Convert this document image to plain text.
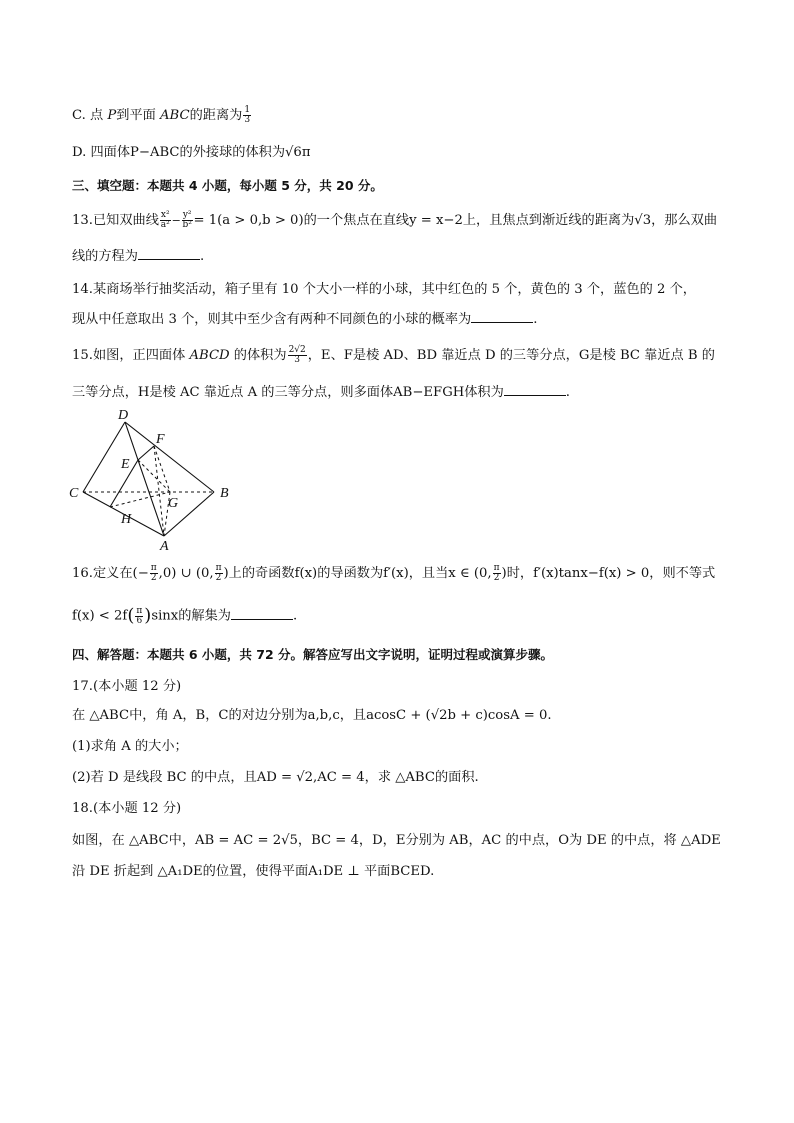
C. 点 P到平面 ABC的距离为 $\frac{1}{3}$
D. 四面体P−ABC的外接球的体积为√6π
三、填空题：本题共 4 小题，每小题 5 分，共 20 分。
13.已知双曲线 $\frac{\text{x²}}{\text{a²}} - \frac{\text{y²}}{\text{b²}} = 1(a > 0,b > 0)$的一个焦点在直线y = x−2上，且焦点到渐近线的距离为√3，那么双曲
线的方程为	.
14.某商场举行抽奖活动，箱子里有 10 个大小一样的小球，其中红色的 5 个，黄色的 3 个，蓝色的 2 个，
现从中任意取出 3 个，则其中至少含有两种不同颜色的小球的概率为	.
15.如图，正四面体 ABCD 的体积为 $\frac{2√2}{3}$ ，E、F是棱 AD、BD 靠近点 D 的三等分点，G是棱 BC 靠近点 B 的
三等分点，H是棱 AC 靠近点 A 的三等分点，则多面体AB−EFGH体积为	.
D
F
E
C
G
B
H
A
16.定义在(− $\frac{\pi}{2} ,0$) ∪ (0, $\frac{\pi}{2}$ )上的奇函数f(x)的导函数为f′(x)，且当x ∈ (0, $\frac{\pi}{2}$ )时，f′(x)tanx−f(x) > 0，则不等式
$f(x) < 2f( \frac{\pi}{6} )\sin x$的解集为	.
四、解答题：本题共 6 小题，共 72 分。解答应写出文字说明，证明过程或演算步骤。
17.(本小题 12 分)
在 △ABC中，角 A，B，C的对边分别为a,b,c，且acosC + (√2b + c)cosA = 0.
(1)求角 A 的大小；
(2)若 D 是线段 BC 的中点，且AD = √2,AC = 4，求 △ABC的面积.
18.(本小题 12 分)
如图，在 △ABC中，AB = AC = 2√5，BC = 4，D，E分别为 AB，AC 的中点，O为 DE 的中点，将 △ADE
沿 DE 折起到 △A₁DE的位置，使得平面A₁DE ⊥ 平面BCED.
